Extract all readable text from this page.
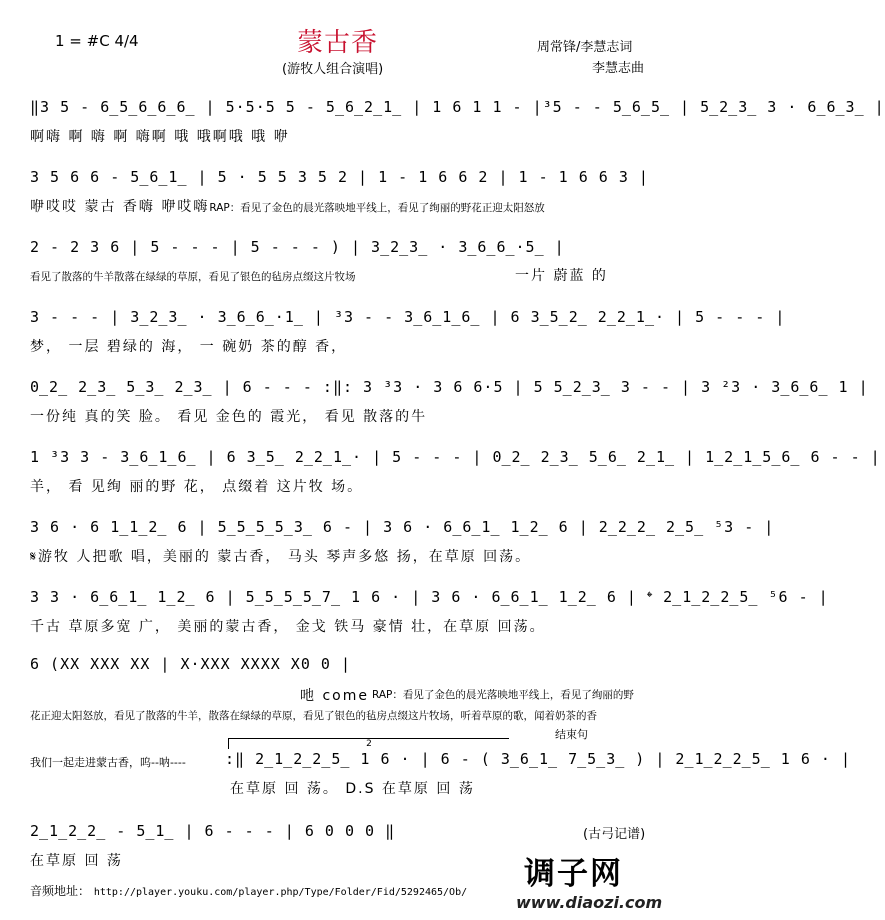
1 = #C 4/4	蒙古香
(游牧人组合演唱)
周常锋/李慧志词
李慧志曲
‖3 5 - 6̲5̲6̲6̲6̲ | 5·5·5 5 - 5̲6̲2̲1̲ | 1 6 1 1 - |³5 - - 5̲6̲5̲ | 5̲2̲3̲ 3 · 6̲6̲3̲ |
啊嗨 啊 嗨 啊 嗨啊 哦 哦啊哦 哦 咿
3 5 6 6 - 5̲6̲1̲ | 5 · 5 5 3 5 2 | 1 - 1 6 6 2 | 1 - 1 6 6 3 |
咿哎哎 蒙古 香嗨 咿哎嗨RAP：看见了金色的晨光落映地平线上，看见了绚丽的野花正迎太阳怒放
2 - 2 3 6 | 5 - - - | 5 - - - ) | 3̲2̲3̲ · 3̲6̲6̲·5̲ |
看见了散落的牛羊散落在绿绿的草原，看见了银色的毡房点缀这片牧场	一片 蔚蓝 的
3 - - - | 3̲2̲3̲ · 3̲6̲6̲·1̲ | ³3 - - 3̲6̲1̲6̲ | 6 3̲5̲2̲ 2̲2̲1̲· | 5 - - - |
梦， 一层 碧绿的 海， 一 碗奶 茶的醇 香，
0̲2̲ 2̲3̲ 5̲3̲ 2̲3̲ | 6 - - - :‖: 3 ³3 · 3 6 6·5 | 5 5̲2̲3̲ 3 - - | 3 ²3 · 3̲6̲6̲ 1 |
一份纯 真的笑 脸。 看见 金色的 霞光， 看见 散落的牛
1 ³3 3 - 3̲6̲1̲6̲ | 6 3̲5̲ 2̲2̲1̲· | 5 - - - | 0̲2̲ 2̲3̲ 5̲6̲ 2̲1̲ | 1̲2̲1̲5̲6̲ 6 - - |
羊， 看 见绚 丽的野 花， 点缀着 这片牧 场。
3 6 · 6 1̲1̲2̲ 6 | 5̲5̲5̲5̲3̲ 6 - | 3 6 · 6̲6̲1̲ 1̲2̲ 6 | 2̲2̲2̲ 2̲5̲ ⁵3 - |
𝄋游牧 人把歌 唱，美丽的 蒙古香， 马头 琴声多悠 扬，在草原 回荡。
3 3 · 6̲6̲1̲ 1̲2̲ 6 | 5̲5̲5̲5̲7̲ 1 6 · | 3 6 · 6̲6̲1̲ 1̲2̲ 6 | 𝄌 2̲1̲2̲2̲5̲ ⁵6 - |
千古 草原多宽 广， 美丽的蒙古香， 金戈 铁马 豪情 壮，在草原 回荡。
6 (XX XXX XX | X·XXX XXXX X0 0 |
吔 come RAP：看见了金色的晨光落映地平线上，看见了绚丽的野
花正迎太阳怒放，看见了散落的牛羊，散落在绿绿的草原，看见了银色的毡房点缀这片牧场，听着草原的歌，闻着奶茶的香
我们一起走进蒙古香，呜--呐----	:‖ 2̲1̲2̲2̲5̲ 1 6 · | 6 - ( 3̲6̲1̲ 7̲5̲3̲ ) | 2̲1̲2̲2̲5̲ 1 6 · |
结束句
2
在草原 回 荡。 D.S 在草原 回 荡
2̲1̲2̲2̲ - 5̲1̲ | 6 - - - | 6 0 0 0 ‖
在草原 回 荡
(古弓记谱)
音频地址： http://player.youku.com/player.php/Type/Folder/Fid/5292465/Ob/
调子网
www.diaozi.com
